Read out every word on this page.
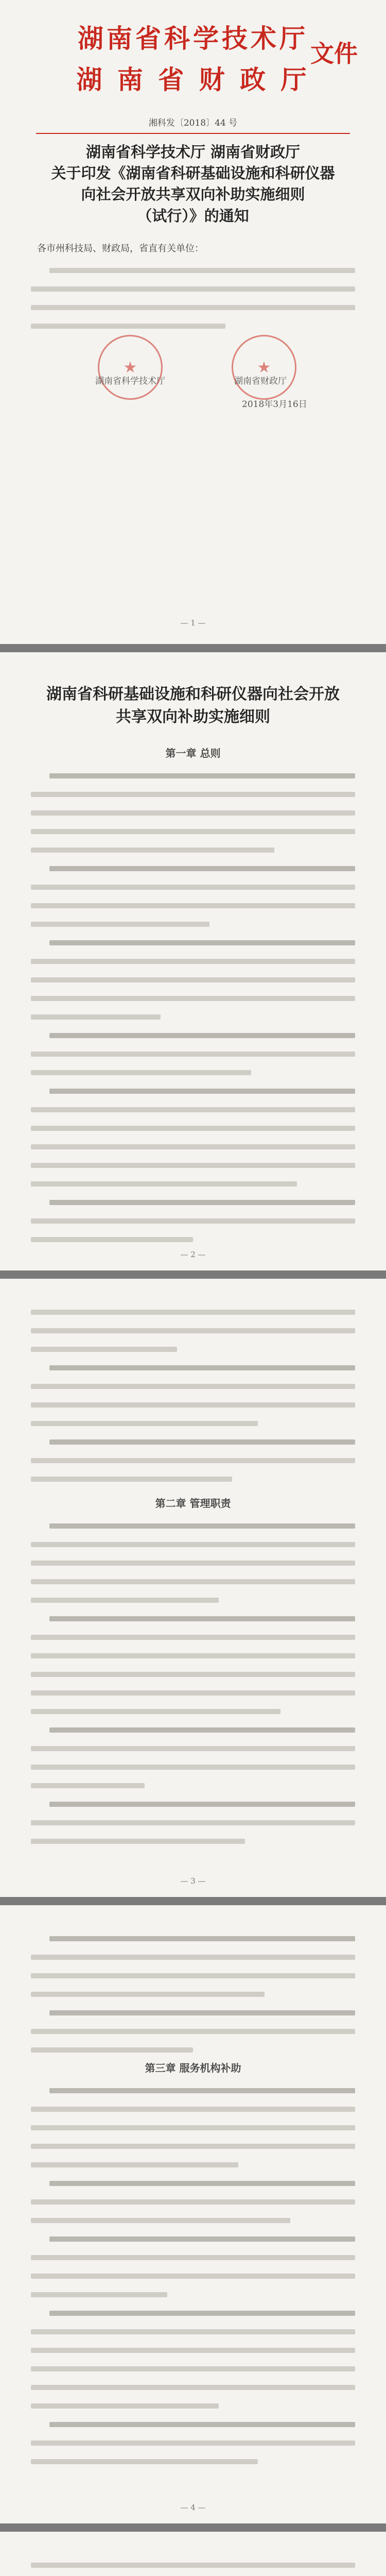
湖南省科学技术厅
湖 南 省 财 政 厅
文件
湘科发〔2018〕44 号
湖南省科学技术厅 湖南省财政厅
关于印发《湖南省科研基础设施和科研仪器
向社会开放共享双向补助实施细则
（试行）》的通知
各市州科技局、财政局，省直有关单位：
★	★
湖南省科学技术厅	湖南省财政厅
2018年3月16日
— 1 —
湖南省科研基础设施和科研仪器向社会开放
共享双向补助实施细则
第一章 总则
— 2 —
第二章 管理职责
— 3 —
第三章 服务机构补助
— 4 —
